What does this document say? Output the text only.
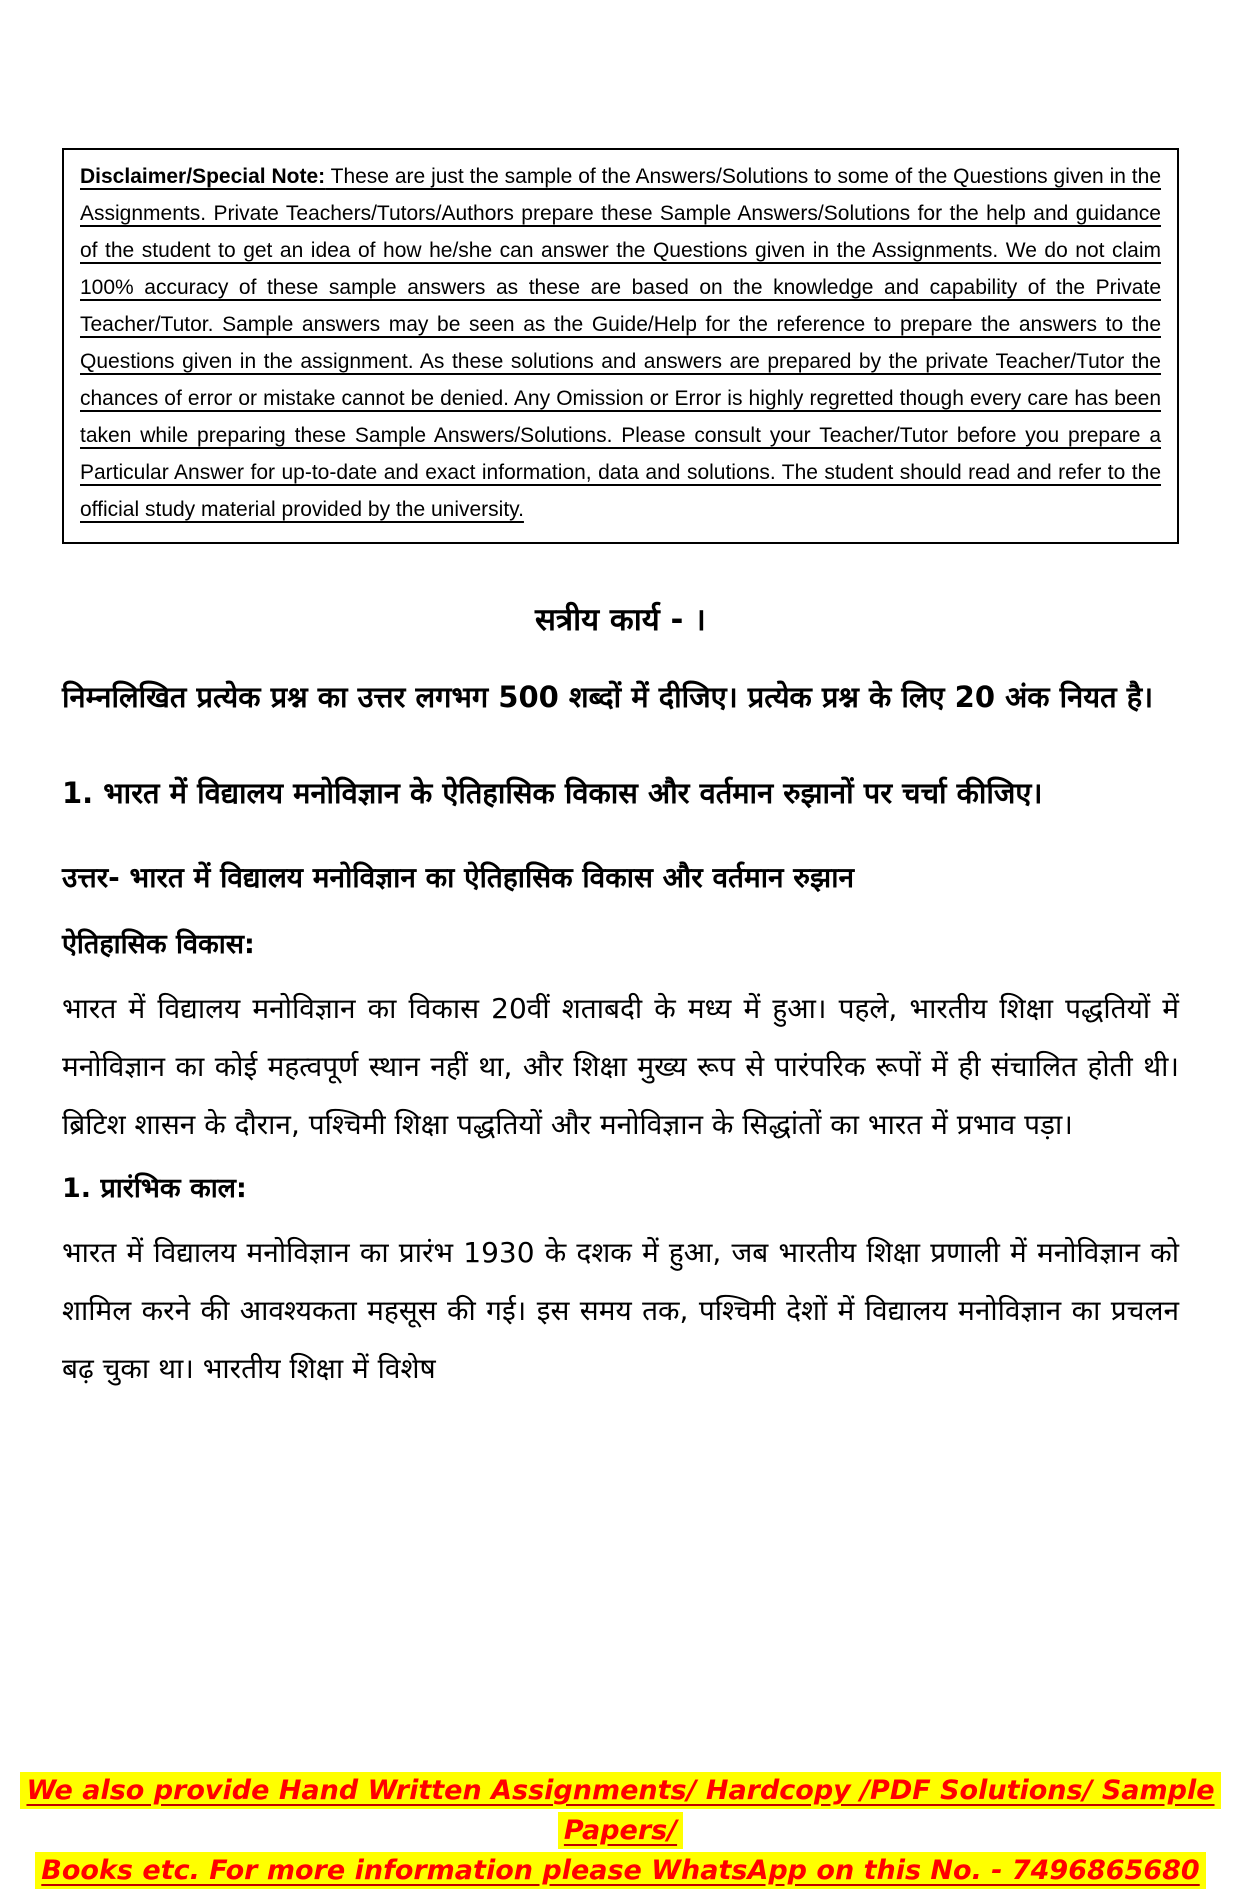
Disclaimer/Special Note: These are just the sample of the Answers/Solutions to some of the Questions given in the Assignments. Private Teachers/Tutors/Authors prepare these Sample Answers/Solutions for the help and guidance of the student to get an idea of how he/she can answer the Questions given in the Assignments. We do not claim 100% accuracy of these sample answers as these are based on the knowledge and capability of the Private Teacher/Tutor. Sample answers may be seen as the Guide/Help for the reference to prepare the answers to the Questions given in the assignment. As these solutions and answers are prepared by the private Teacher/Tutor the chances of error or mistake cannot be denied. Any Omission or Error is highly regretted though every care has been taken while preparing these Sample Answers/Solutions. Please consult your Teacher/Tutor before you prepare a Particular Answer for up-to-date and exact information, data and solutions. The student should read and refer to the official study material provided by the university.

सत्रीय कार्य - ।

निम्नलिखित प्रत्येक प्रश्न का उत्तर लगभग 500 शब्दों में दीजिए। प्रत्येक प्रश्न के लिए 20 अंक नियत है।

1. भारत में विद्यालय मनोविज्ञान के ऐतिहासिक विकास और वर्तमान रुझानों पर चर्चा कीजिए।

उत्तर- भारत में विद्यालय मनोविज्ञान का ऐतिहासिक विकास और वर्तमान रुझान

ऐतिहासिक विकास:

भारत में विद्यालय मनोविज्ञान का विकास 20वीं शताबदी के मध्य में हुआ। पहले, भारतीय शिक्षा पद्धतियों में मनोविज्ञान का कोई महत्वपूर्ण स्थान नहीं था, और शिक्षा मुख्य रूप से पारंपरिक रूपों में ही संचालित होती थी। ब्रिटिश शासन के दौरान, पश्चिमी शिक्षा पद्धतियों और मनोविज्ञान के सिद्धांतों का भारत में प्रभाव पड़ा।

1. प्रारंभिक काल:

भारत में विद्यालय मनोविज्ञान का प्रारंभ 1930 के दशक में हुआ, जब भारतीय शिक्षा प्रणाली में मनोविज्ञान को शामिल करने की आवश्यकता महसूस की गई। इस समय तक, पश्चिमी देशों में विद्यालय मनोविज्ञान का प्रचलन बढ़ चुका था। भारतीय शिक्षा में विशेष

We also provide Hand Written Assignments/ Hardcopy /PDF Solutions/ Sample Papers/
Books etc. For more information please WhatsApp on this No. - 7496865680
